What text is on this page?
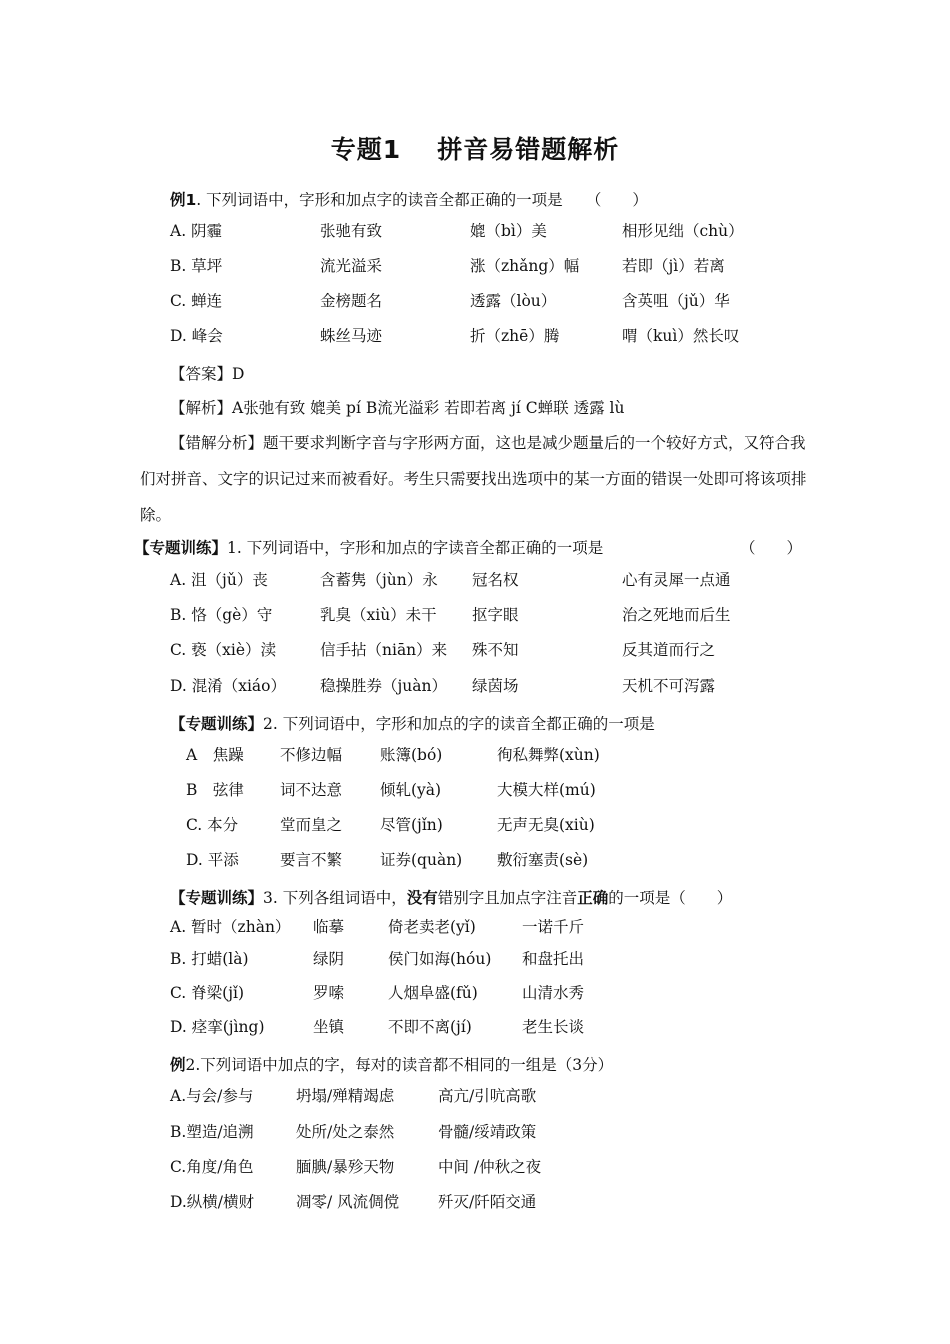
专题1 拼音易错题解析
例1. 下列词语中，字形和加点字的读音全都正确的一项是　　（　　）
A. 阴霾	张驰有致	媲（bì）美	相形见绌（chù）
B. 草坪	流光溢采	涨（zhǎng）幅	若即（jì）若离
C. 蝉连	金榜题名	透露（lòu）	含英咀（jǔ）华
D. 峰会	蛛丝马迹	折（zhē）腾	喟（kuì）然长叹
【答案】D
【解析】A张弛有致 媲美 pí B流光溢彩 若即若离 jí C蝉联 透露 lù
【错解分析】题干要求判断字音与字形两方面，这也是减少题量后的一个较好方式，又符合我们对拼音、文字的识记过来而被看好。考生只需要找出选项中的某一方面的错误一处即可将该项排除。
【专题训练】1. 下列词语中，字形和加点的字读音全都正确的一项是	（　　）
A. 沮（jǔ）丧	含蓄隽（jùn）永 冠名权	心有灵犀一点通
B. 恪（gè）守	乳臭（xiù）未干 抠字眼	治之死地而后生
C. 亵（xiè）渎	信手拈（niān）来 殊不知	反其道而行之
D. 混淆（xiáo） 稳操胜券（juàn） 绿茵场	天机不可泻露
【专题训练】2. 下列词语中，字形和加点的字的读音全都正确的一项是
A　焦躁 不修边幅 账簿(bó)	徇私舞弊(xùn)
B　弦律 词不达意 倾轧(yà)	大模大样(mú)
C. 本分	堂而皇之 尽管(jǐn)	无声无臭(xiù)
D. 平添	要言不繁 证券(quàn) 敷衍塞责(sè)
【专题训练】3. 下列各组词语中，没有错别字且加点字注音正确的一项是（　　）
A. 暂时（zhàn） 临摹	倚老卖老(yǐ)	一诺千斤
B. 打蜡(là)	绿阴	侯门如海(hóu) 和盘托出
C. 脊梁(jǐ)	罗嗦	人烟阜盛(fǔ)	山清水秀
D. 痉挛(jìng)	坐镇	不即不离(jí)	老生长谈
例2.下列词语中加点的字，每对的读音都不相同的一组是（3分）
A.与会/参与	坍塌/殚精竭虑	高亢/引吭高歌
B.塑造/追溯	处所/处之泰然	骨髓/绥靖政策
C.角度/角色	腼腆/暴殄天物	中间 /仲秋之夜
D.纵横/横财	凋零/ 风流倜傥	歼灭/阡陌交通
